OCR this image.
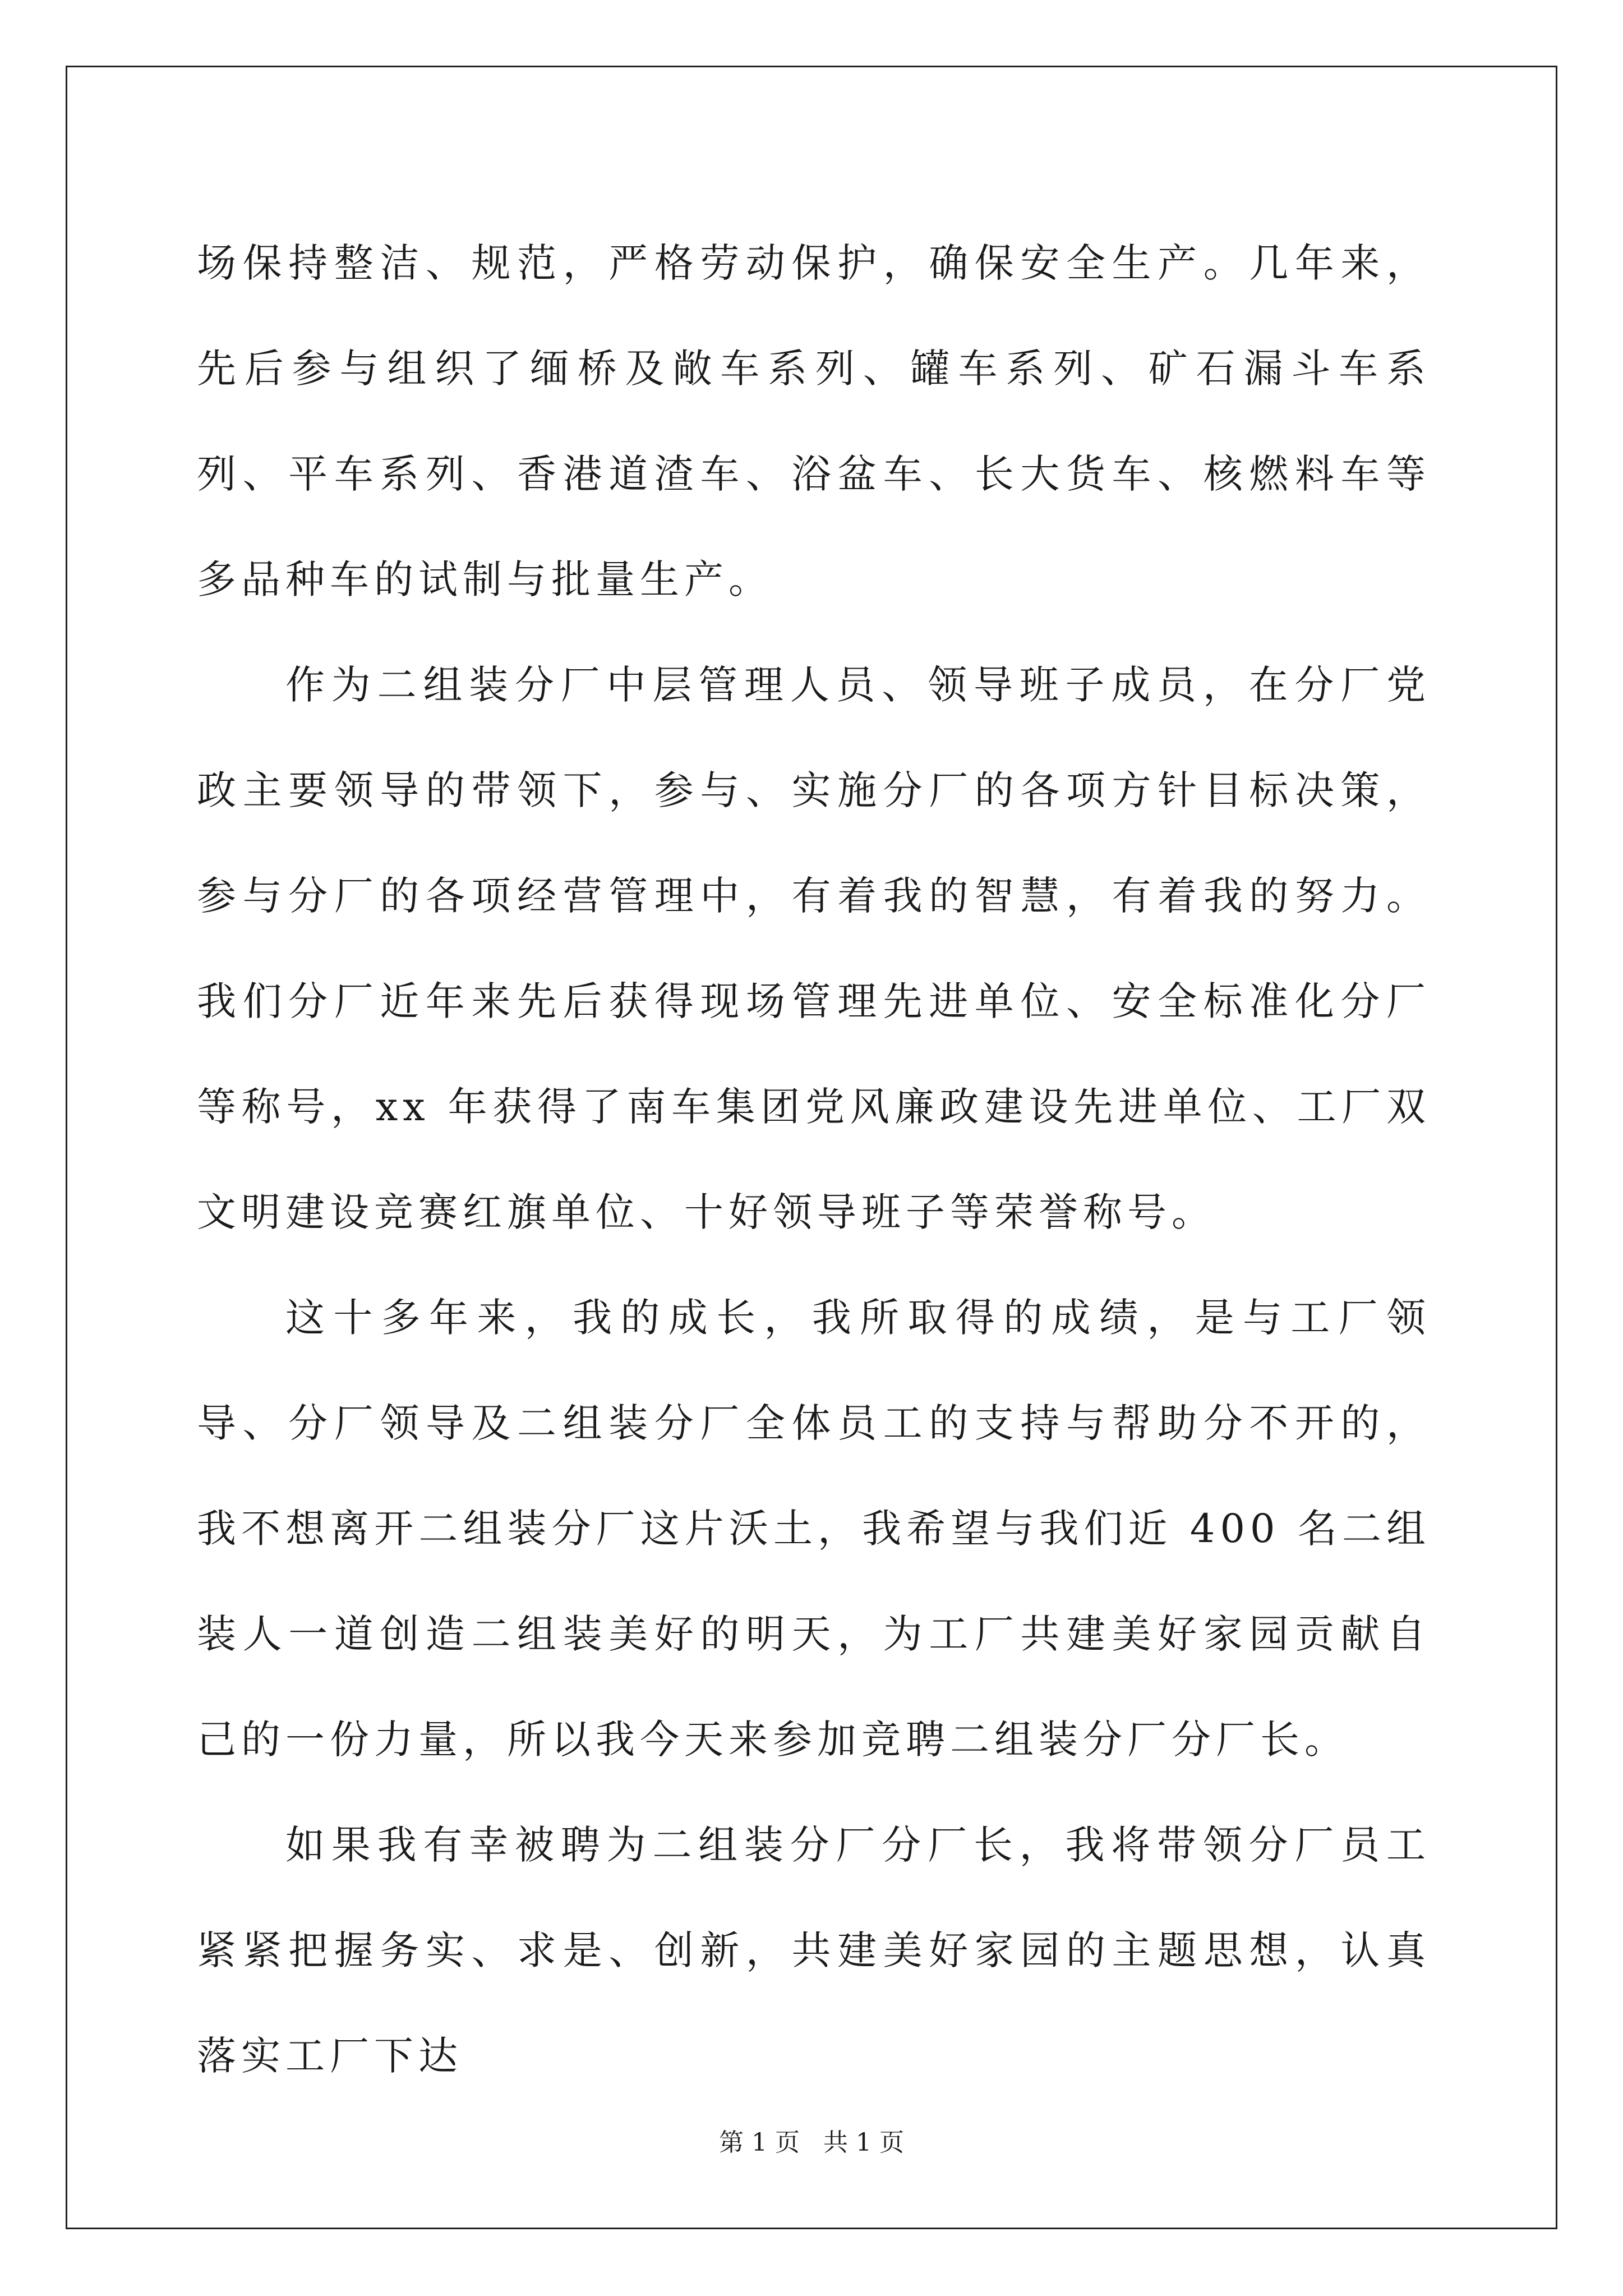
场保持整洁、规范，严格劳动保护，确保安全生产。几年来，先后参与组织了缅桥及敞车系列、罐车系列、矿石漏斗车系列、平车系列、香港道渣车、浴盆车、长大货车、核燃料车等多品种车的试制与批量生产。

作为二组装分厂中层管理人员、领导班子成员，在分厂党政主要领导的带领下，参与、实施分厂的各项方针目标决策，参与分厂的各项经营管理中，有着我的智慧，有着我的努力。我们分厂近年来先后获得现场管理先进单位、安全标准化分厂等称号，xx 年获得了南车集团党风廉政建设先进单位、工厂双文明建设竞赛红旗单位、十好领导班子等荣誉称号。

这十多年来，我的成长，我所取得的成绩，是与工厂领导、分厂领导及二组装分厂全体员工的支持与帮助分不开的，我不想离开二组装分厂这片沃土，我希望与我们近 400 名二组装人一道创造二组装美好的明天，为工厂共建美好家园贡献自己的一份力量，所以我今天来参加竞聘二组装分厂分厂长。

如果我有幸被聘为二组装分厂分厂长，我将带领分厂员工紧紧把握务实、求是、创新，共建美好家园的主题思想，认真落实工厂下达

第 1 页 共 1 页
